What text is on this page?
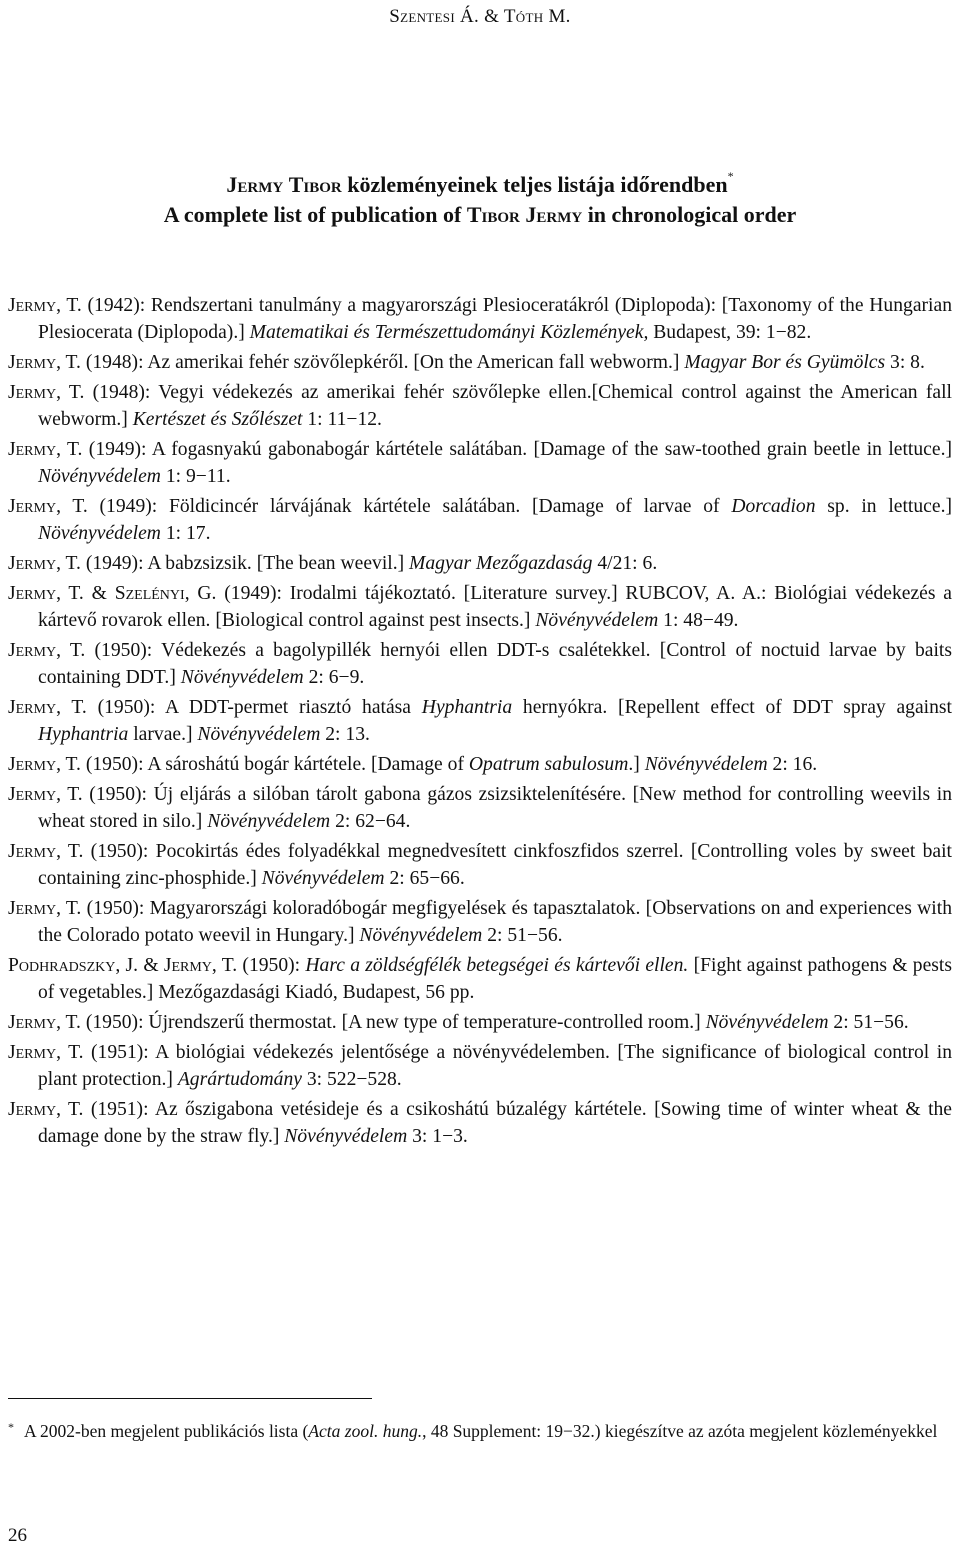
Szentesi Á. & Tóth M.
Jermy Tibor közleményeinek teljes listája időrendben*
A complete list of publication of Tibor Jermy in chronological order
Jermy, T. (1942): Rendszertani tanulmány a magyarországi Plesioceratákról (Diplopoda): [Taxonomy of the Hungarian Plesiocerata (Diplopoda).] Matematikai és Természettudományi Közlemények, Budapest, 39: 1−82.
Jermy, T. (1948): Az amerikai fehér szövőlepkéről. [On the American fall webworm.] Magyar Bor és Gyümölcs 3: 8.
Jermy, T. (1948): Vegyi védekezés az amerikai fehér szövőlepke ellen.[Chemical control against the American fall webworm.] Kertészet és Szőlészet 1: 11−12.
Jermy, T. (1949): A fogasnyakú gabonabogár kártétele salátában. [Damage of the saw-toothed grain beetle in lettuce.] Növényvédelem 1: 9−11.
Jermy, T. (1949): Földicincér lárvájának kártétele salátában. [Damage of larvae of Dorcadion sp. in lettuce.] Növényvédelem 1: 17.
Jermy, T. (1949): A babzsizsik. [The bean weevil.] Magyar Mezőgazdaság 4/21: 6.
Jermy, T. & Szelényi, G. (1949): Irodalmi tájékoztató. [Literature survey.] RUBCOV, A. A.: Biológiai védekezés a kártevő rovarok ellen. [Biological control against pest insects.] Növényvédelem 1: 48−49.
Jermy, T. (1950): Védekezés a bagolypillék hernyói ellen DDT-s csalétekkel. [Control of noctuid larvae by baits containing DDT.] Növényvédelem 2: 6−9.
Jermy, T. (1950): A DDT-permet riasztó hatása Hyphantria hernyókra. [Repellent effect of DDT spray against Hyphantria larvae.] Növényvédelem 2: 13.
Jermy, T. (1950): A sároshátú bogár kártétele. [Damage of Opatrum sabulosum.] Növényvédelem 2: 16.
Jermy, T. (1950): Új eljárás a silóban tárolt gabona gázos zsizsiktelenítésére. [New method for controlling weevils in wheat stored in silo.] Növényvédelem 2: 62−64.
Jermy, T. (1950): Pocokirtás édes folyadékkal megnedvesített cinkfoszfidos szerrel. [Controlling voles by sweet bait containing zinc-phosphide.] Növényvédelem 2: 65−66.
Jermy, T. (1950): Magyarországi koloradóbogár megfigyelések és tapasztalatok. [Observations on and experiences with the Colorado potato weevil in Hungary.] Növényvédelem 2: 51−56.
Podhradszky, J. & Jermy, T. (1950): Harc a zöldségfélék betegségei és kártevői ellen. [Fight against pathogens & pests of vegetables.] Mezőgazdasági Kiadó, Budapest, 56 pp.
Jermy, T. (1950): Újrendszerű thermostat. [A new type of temperature-controlled room.] Növényvédelem 2: 51−56.
Jermy, T. (1951): A biológiai védekezés jelentősége a növényvédelemben. [The significance of biological control in plant protection.] Agrártudomány 3: 522−528.
Jermy, T. (1951): Az őszigabona vetésideje és a csikoshátú búzalégy kártétele. [Sowing time of winter wheat & the damage done by the straw fly.] Növényvédelem 3: 1−3.
* A 2002-ben megjelent publikációs lista (Acta zool. hung., 48 Supplement: 19−32.) kiegészítve az azóta megjelent közleményekkel
26
